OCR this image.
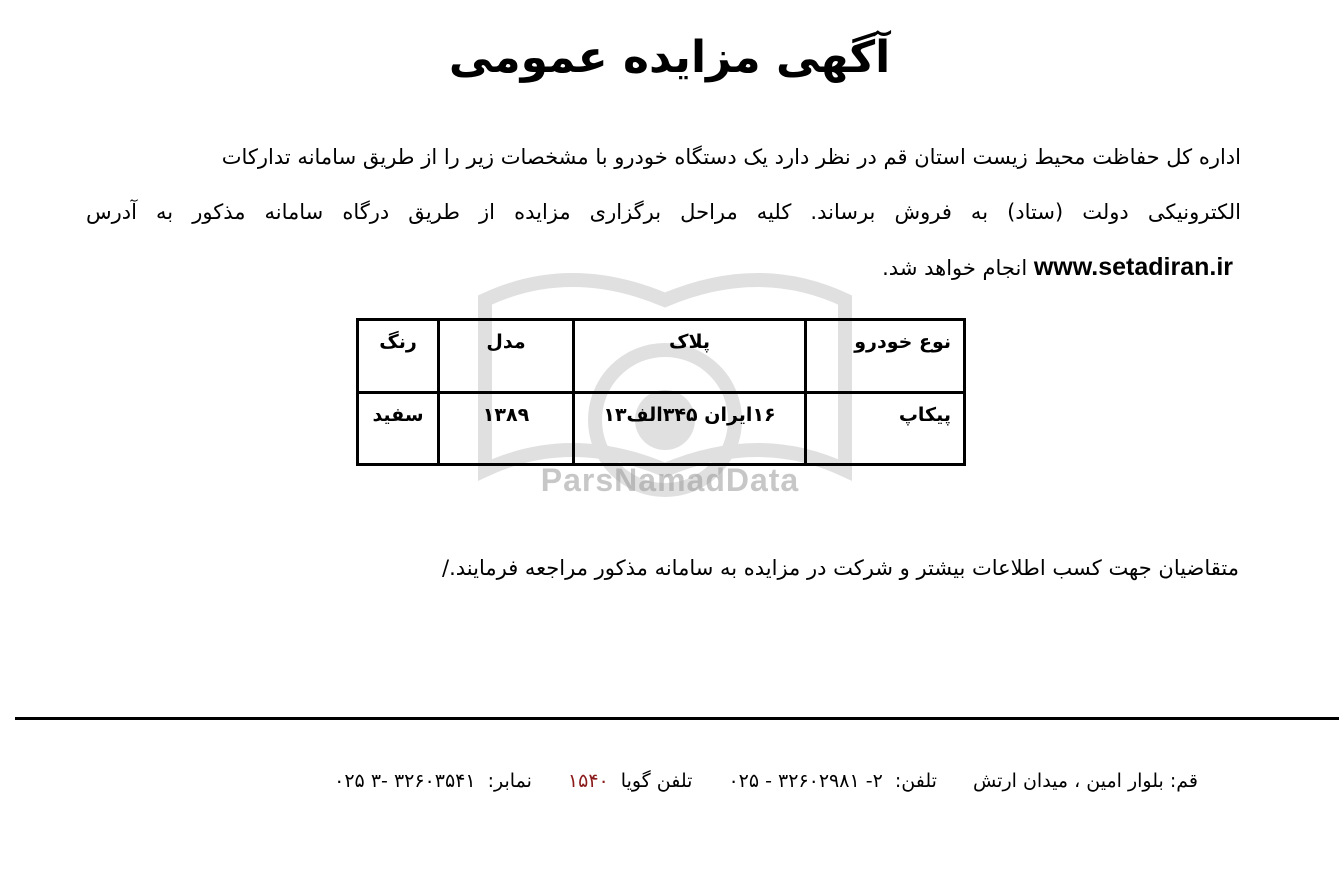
ParsNamadData
آگهی مزایده عمومی
اداره کل حفاظت محیط زیست استان قم در نظر دارد یک دستگاه خودرو با مشخصات زیر را از طریق سامانه تدارکات
الکترونیکی دولت (ستاد) به فروش برساند. کلیه مراحل برگزاری مزایده از طریق درگاه سامانه مذکور به آدرس
www.setadiran.ir انجام خواهد شد.
نوع خودرو	پلاک	مدل	رنگ
پیکاپ	۱۶ایران ۳۴۵الف۱۳	۱۳۸۹	سفید
متقاضیان جهت کسب اطلاعات بیشتر و شرکت در مزایده به سامانه مذکور مراجعه فرمایند./
قم: بلوار امین ، میدان ارتش تلفن: ۲- ۳۲۶۰۲۹۸۱ - ۰۲۵ تلفن گویا ۱۵۴۰ نمابر: ۳۲۶۰۳۵۴۱ -۳ ۰۲۵
